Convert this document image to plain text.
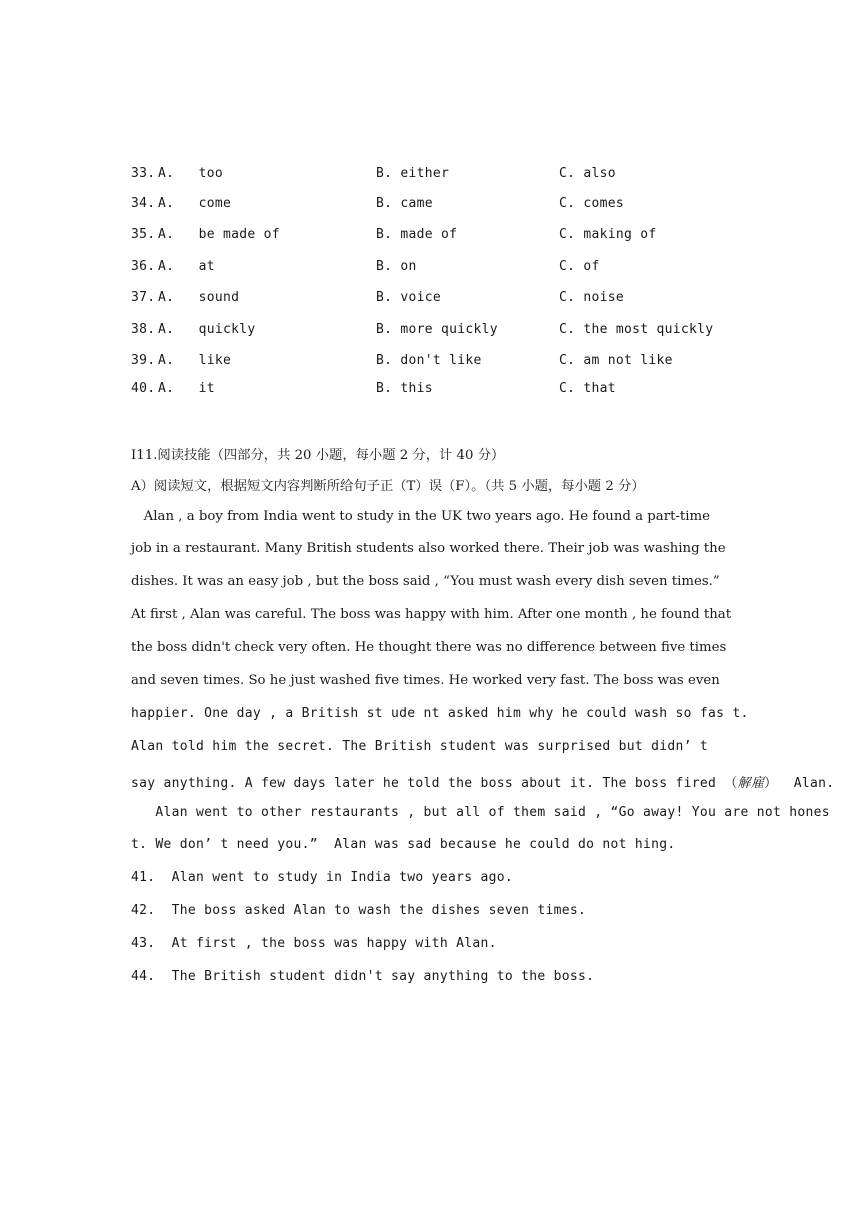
33. A.   too	B. either	C. also
34. A.   come	B. came	C. comes
35. A.   be made of	B. made of	C. making of
36. A.   at	B. on	C. of
37. A.   sound	B. voice	C. noise
38. A.   quickly	B. more quickly	C. the most quickly
39. A.   like	B. don't like	C. am not like
40. A.   it	B. this	C. that
I11.阅读技能（四部分，共 20 小题，每小题 2 分，计 40 分）
A）阅读短文，根据短文内容判断所给句子正（T）误（F）。（共 5 小题，每小题 2 分）
Alan , a boy from India went to study in the UK two years ago. He found a part-time
job in a restaurant. Many British students also worked there. Their job was washing the
dishes. It was an easy job , but the boss said , “You must wash every dish seven times.”
At first , Alan was careful. The boss was happy with him. After one month , he found that
the boss didn't check very often. He thought there was no difference between five times
and seven times. So he just washed five times. He worked very fast. The boss was even
happier. One day , a British st ude nt asked him why he could wash so fas t.
Alan told him the secret. The British student was surprised but didn’ t
say anything. A few days later he told the boss about it. The boss fired （解雇）  Alan.
Alan went to other restaurants , but all of them said , “Go away! You are not hones
t. We don’ t need you.”  Alan was sad because he could do not hing.
41.  Alan went to study in India two years ago.
42.  The boss asked Alan to wash the dishes seven times.
43.  At first , the boss was happy with Alan.
44.  The British student didn't say anything to the boss.
